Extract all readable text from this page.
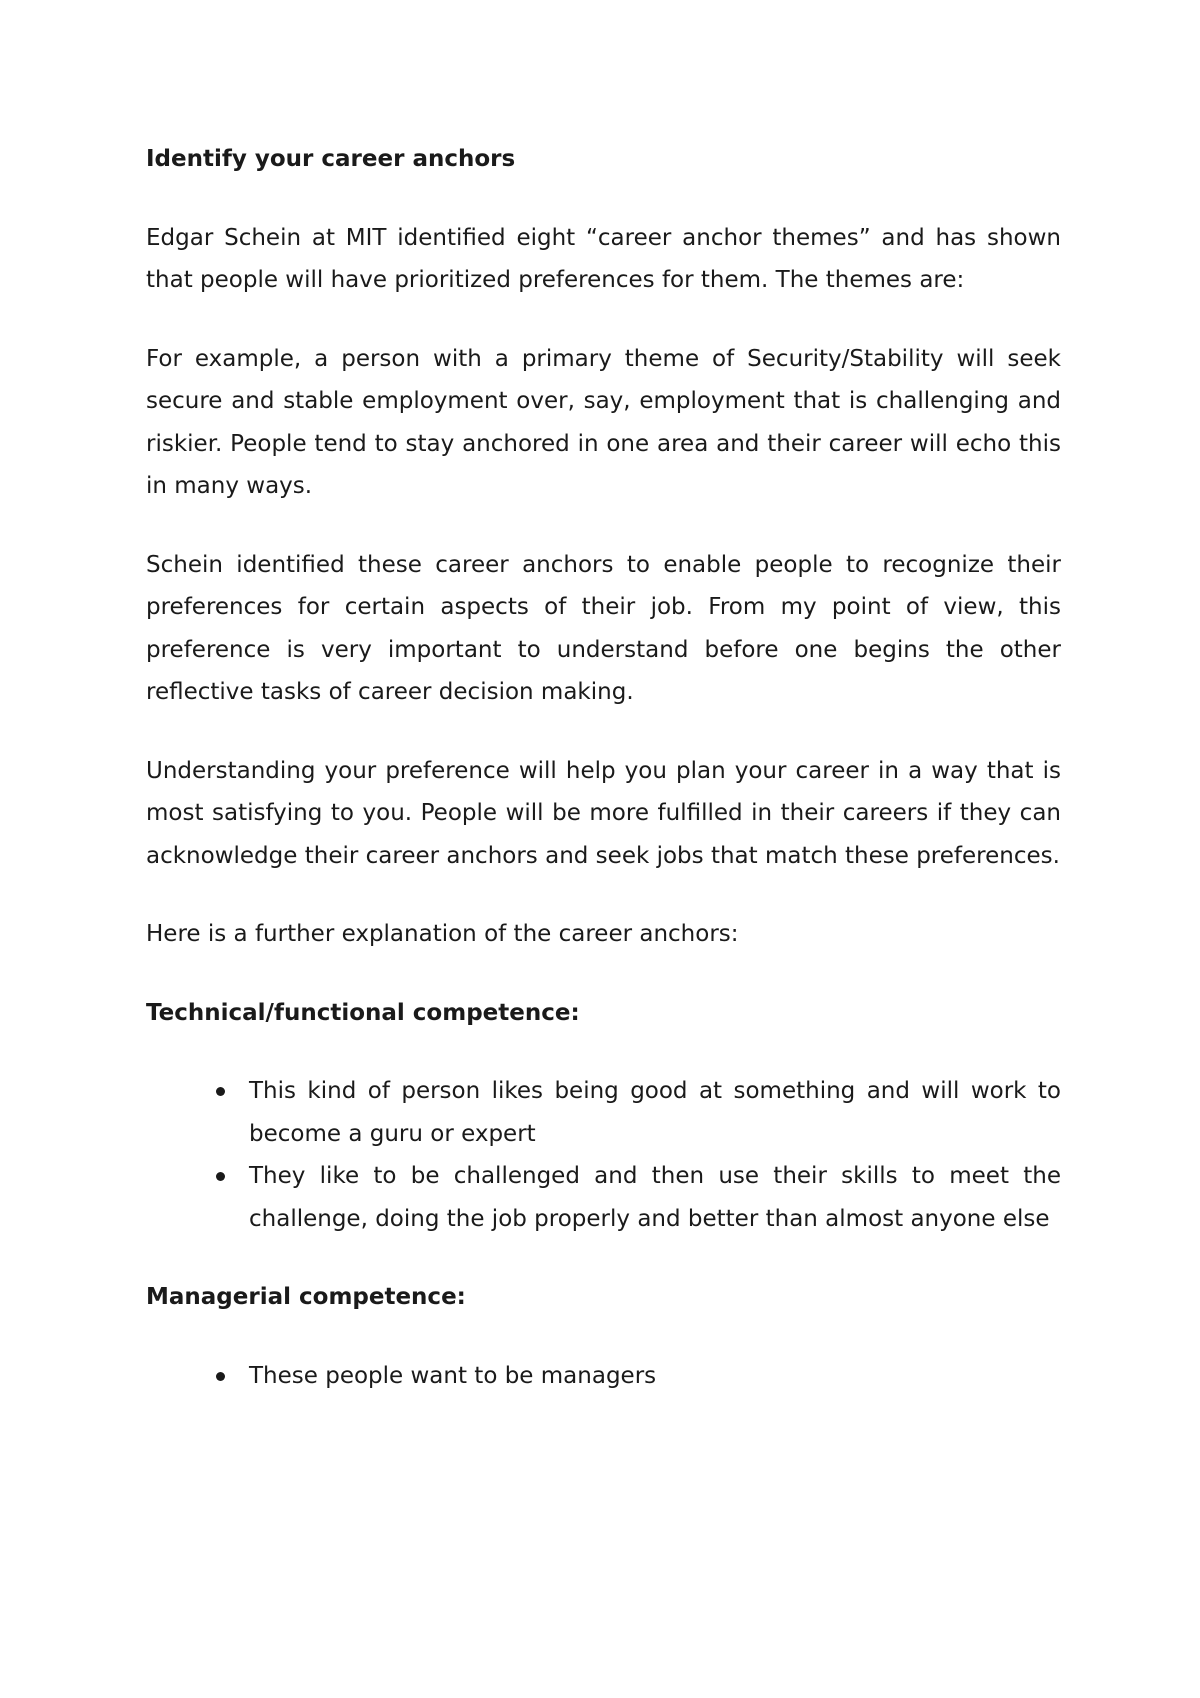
Identify your career anchors

Edgar Schein at MIT identified eight “career anchor themes” and has shown that people will have prioritized preferences for them. The themes are:

For example, a person with a primary theme of Security/Stability will seek secure and stable employment over, say, employment that is challenging and riskier. People tend to stay anchored in one area and their career will echo this in many ways.

Schein identified these career anchors to enable people to recognize their preferences for certain aspects of their job. From my point of view, this preference is very important to understand before one begins the other reflective tasks of career decision making.

Understanding your preference will help you plan your career in a way that is most satisfying to you. People will be more fulfilled in their careers if they can acknowledge their career anchors and seek jobs that match these preferences.

Here is a further explanation of the career anchors:

Technical/functional competence:

This kind of person likes being good at something and will work to become a guru or expert
They like to be challenged and then use their skills to meet the challenge, doing the job properly and better than almost anyone else

Managerial competence:

These people want to be managers
